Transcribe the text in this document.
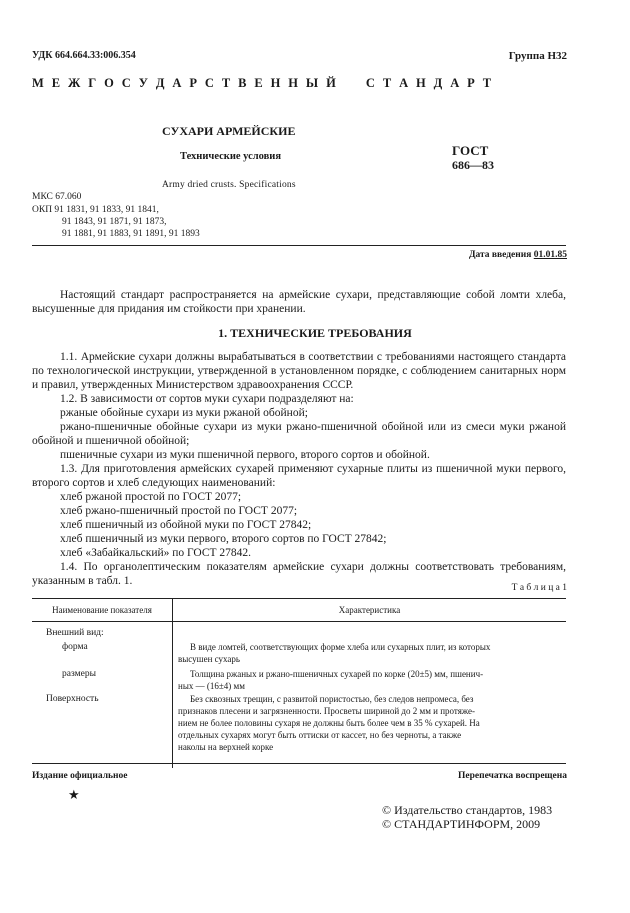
УДК 664.664.33:006.354	Группа Н32
М Е Ж Г О С У Д А Р С Т В Е Н Н Ы Й     С Т А Н Д А Р Т
СУХАРИ АРМЕЙСКИЕ
Технические условия	ГОСТ
686—83
Army dried crusts. Specifications
МКС 67.060
ОКП 91 1831, 91 1833, 91 1841,
91 1843, 91 1871, 91 1873,
91 1881, 91 1883, 91 1891, 91 1893
Дата введения 01.01.85
Настоящий стандарт распространяется на армейские сухари, представляющие собой ломти хлеба, высушенные для придания им стойкости при хранении.
1. ТЕХНИЧЕСКИЕ ТРЕБОВАНИЯ
1.1. Армейские сухари должны вырабатываться в соответствии с требованиями настоящего стандарта по технологической инструкции, утвержденной в установленном порядке, с соблюдением санитарных норм и правил, утвержденных Министерством здравоохранения СССР.
1.2. В зависимости от сортов муки сухари подразделяют на:
ржаные обойные сухари из муки ржаной обойной;
ржано-пшеничные обойные сухари из муки ржано-пшеничной обойной или из смеси муки ржаной обойной и пшеничной обойной;
пшеничные сухари из муки пшеничной первого, второго сортов и обойной.
1.3. Для приготовления армейских сухарей применяют сухарные плиты из пшеничной муки первого, второго сортов и хлеб следующих наименований:
хлеб ржаной простой по ГОСТ 2077;
хлеб ржано-пшеничный простой по ГОСТ 2077;
хлеб пшеничный из обойной муки по ГОСТ 27842;
хлеб пшеничный из муки первого, второго сортов по ГОСТ 27842;
хлеб «Забайкальский» по ГОСТ 27842.
1.4. По органолептическим показателям армейские сухари должны соответствовать требованиям, указанным в табл. 1.
Т а б л и ц а 1
Наименование показателя	Характеристика
Внешний вид:
форма	В виде ломтей, соответствующих форме хлеба или сухарных плит, из которых
высушен сухарь
размеры	Толщина ржаных и ржано-пшеничных сухарей по корке (20±5) мм, пшенич-
ных — (16±4) мм
Поверхность	Без сквозных трещин, с развитой пористостью, без следов непромеса, без
признаков плесени и загрязненности. Просветы шириной до 2 мм и протяже-
нием не более половины сухаря не должны быть более чем в 35 % сухарей. На
отдельных сухарях могут быть оттиски от кассет, но без черноты, а также
наколы на верхней корке
Издание официальное	Перепечатка воспрещена
★
© Издательство стандартов, 1983
© СТАНДАРТИНФОРМ, 2009
